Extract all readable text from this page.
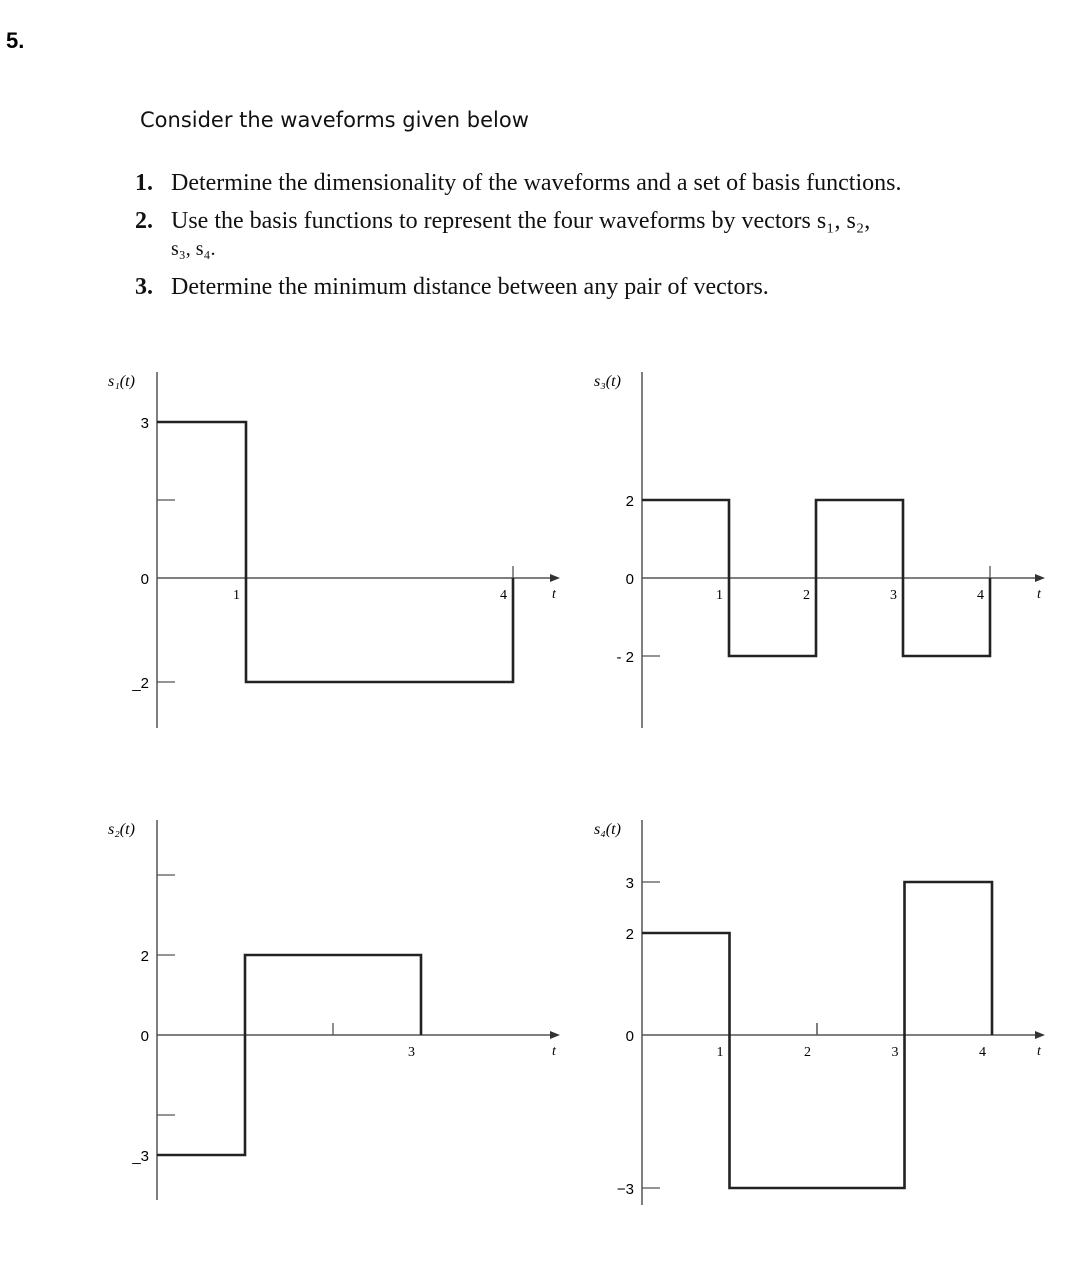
5.
Consider the waveforms given below
1. Determine the dimensionality of the waveforms and a set of basis functions.
2. Use the basis functions to represent the four waveforms by vectors s₁, s₂,
s₃, s₄.
3. Determine the minimum distance between any pair of vectors.
s₁(t)
t
3
0
_2
1	4
s₂(t)
t
2
0
_3
3
s₃(t)
t
2
0
- 2
1	2	3	4
s₄(t)
t
3
2
0
−3
1	2	3	4
